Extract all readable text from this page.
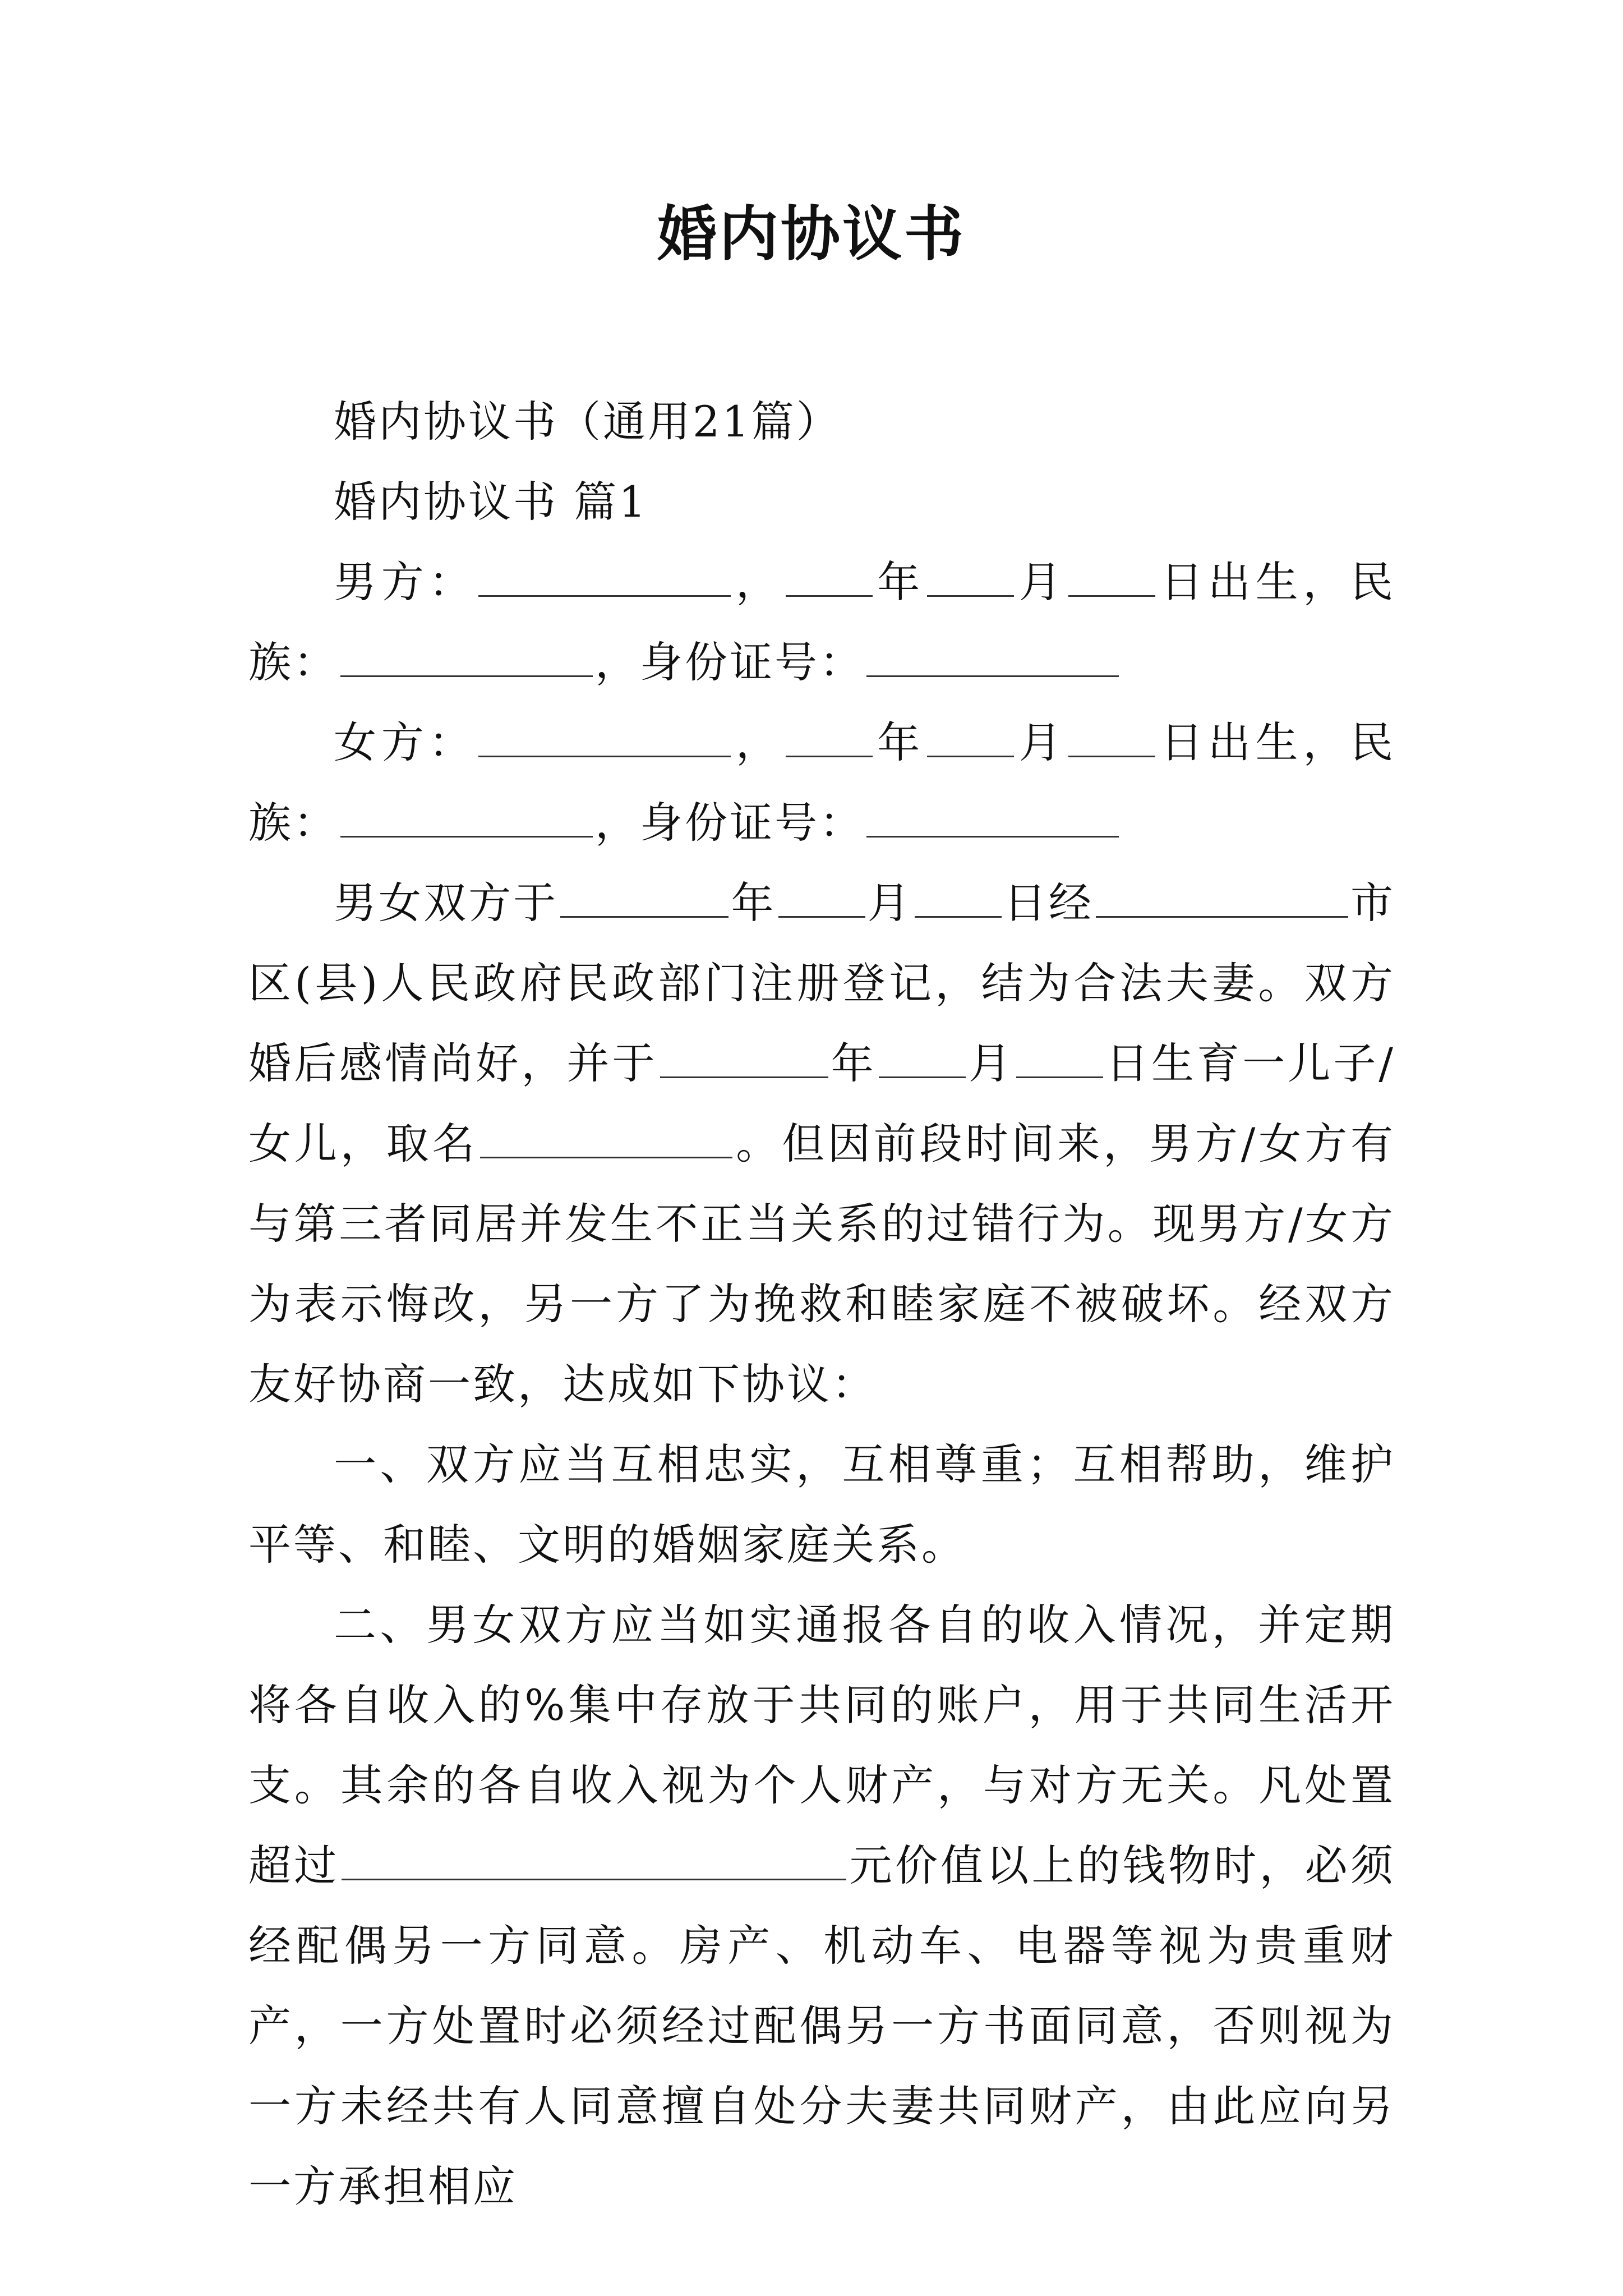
婚内协议书

婚内协议书（通用21篇）

婚内协议书 篇1

男方：	， 年 月 日出生，民族：	，身份证号：

女方：	， 年 月 日出生，民族：	，身份证号：

男女双方于	年 月 日经	市区(县)人民政府民政部门注册登记，结为合法夫妻。双方婚后感情尚好，并于	年 月 日生育一儿子/女儿，取名	。但因前段时间来，男方/女方有与第三者同居并发生不正当关系的过错行为。现男方/女方为表示悔改，另一方了为挽救和睦家庭不被破坏。经双方友好协商一致，达成如下协议：

一、双方应当互相忠实，互相尊重；互相帮助，维护平等、和睦、文明的婚姻家庭关系。

二、男女双方应当如实通报各自的收入情况，并定期将各自收入的%集中存放于共同的账户，用于共同生活开支。其余的各自收入视为个人财产，与对方无关。凡处置超过	元价值以上的钱物时，必须经配偶另一方同意。房产、机动车、电器等视为贵重财产，一方处置时必须经过配偶另一方书面同意，否则视为一方未经共有人同意擅自处分夫妻共同财产，由此应向另一方承担相应
